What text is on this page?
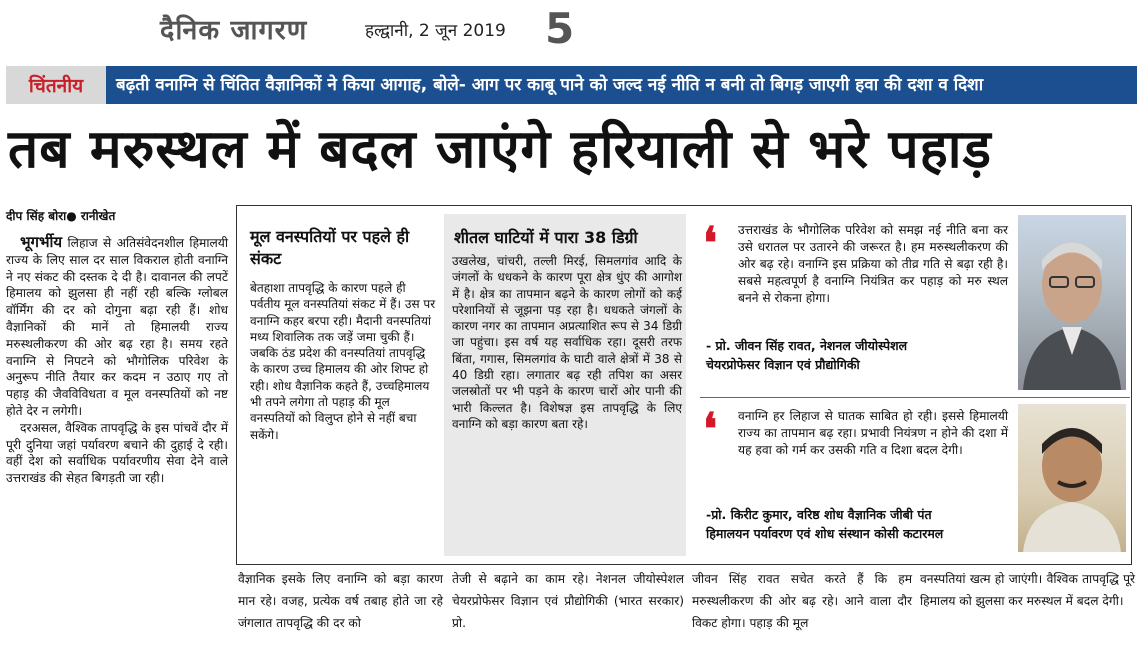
दैनिक जागरण	हल्द्वानी, 2 जून 2019 5
चिंतनीय	बढ़ती वनाग्नि से चिंतित वैज्ञानिकों ने किया आगाह, बोले- आग पर काबू पाने को जल्द नई नीति न बनी तो बिगड़ जाएगी हवा की दशा व दिशा
तब मरुस्थल में बदल जाएंगे हरियाली से भरे पहाड़
दीप सिंह बोरा● रानीखेत

भूगर्भीय लिहाज से अतिसंवेदनशील हिमालयी राज्य के लिए साल दर साल विकराल होती वनाग्नि ने नए संकट की दस्तक दे दी है। दावानल की लपटें हिमालय को झुलसा ही नहीं रही बल्कि ग्लोबल वॉर्मिंग की दर को दोगुना बढ़ा रही हैं। शोध वैज्ञानिकों की मानें तो हिमालयी राज्य मरुस्थलीकरण की ओर बढ़ रहा है। समय रहते वनाग्नि से निपटने को भौगोलिक परिवेश के अनुरूप नीति तैयार कर कदम न उठाए गए तो पहाड़ की जैवविविधता व मूल वनस्पतियों को नष्ट होते देर न लगेगी।

दरअसल, वैश्विक तापवृद्धि के इस पांचवें दौर में पूरी दुनिया जहां पर्यावरण बचाने की दुहाई दे रही। वहीं देश को सर्वाधिक पर्यावरणीय सेवा देने वाले उत्तराखंड की सेहत बिगड़ती जा रही।

मूल वनस्पतियों पर पहले ही संकट
बेतहाशा तापवृद्धि के कारण पहले ही पर्वतीय मूल वनस्पतियां संकट में हैं। उस पर वनाग्नि कहर बरपा रही। मैदानी वनस्पतियां मध्य शिवालिक तक जड़ें जमा चुकी हैं। जबकि ठंड प्रदेश की वनस्पतियां तापवृद्धि के कारण उच्च हिमालय की ओर शिफ्ट हो रही। शोध वैज्ञानिक कहते हैं, उच्चहिमालय भी तपने लगेगा तो पहाड़ की मूल वनस्पतियों को विलुप्त होने से नहीं बचा सकेंगे।
शीतल घाटियों में पारा 38 डिग्री
उखलेख, चांचरी, तल्ली मिरई, सिमलगांव आदि के जंगलों के धधकने के कारण पूरा क्षेत्र धुंए की आगोश में है। क्षेत्र का तापमान बढ़ने के कारण लोगों को कई परेशानियों से जूझना पड़ रहा है। धधकते जंगलों के कारण नगर का तापमान अप्रत्याशित रूप से 34 डिग्री जा पहुंचा। इस वर्ष यह सर्वाधिक रहा। दूसरी तरफ बिंता, गगास, सिमलगांव के घाटी वाले क्षेत्रों में 38 से 40 डिग्री रहा। लगातार बढ़ रही तपिश का असर जलस्रोतों पर भी पड़ने के कारण चारों ओर पानी की भारी किल्लत है। विशेषज्ञ इस तापवृद्धि के लिए वनाग्नि को बड़ा कारण बता रहे।
❛ उत्तराखंड के भौगोलिक परिवेश को समझ नई नीति बना कर उसे धरातल पर उतारने की जरूरत है। हम मरुस्थलीकरण की ओर बढ़ रहे। वनाग्नि इस प्रक्रिया को तीव्र गति से बढ़ा रही है। सबसे महत्वपूर्ण है वनाग्नि नियंत्रित कर पहाड़ को मरु स्थल बनने से रोकना होगा।
- प्रो. जीवन सिंह रावत, नेशनल जीयोस्पेशल
चेयरप्रोफेसर विज्ञान एवं प्रौद्योगिकी
❛ वनाग्नि हर लिहाज से घातक साबित हो रही। इससे हिमालयी राज्य का तापमान बढ़ रहा। प्रभावी नियंत्रण न होने की दशा में यह हवा को गर्म कर उसकी गति व दिशा बदल देगी।
-प्रो. किरीट कुमार, वरिष्ठ शोध वैज्ञानिक जीबी पंत
हिमालयन पर्यावरण एवं शोध संस्थान कोसी कटारमल
वैज्ञानिक इसके लिए वनाग्नि को बड़ा कारण मान रहे। वजह, प्रत्येक वर्ष तबाह होते जा रहे जंगलात तापवृद्धि की दर को
तेजी से बढ़ाने का काम रहे। नेशनल जीयोस्पेशल चेयरप्रोफेसर विज्ञान एवं प्रौद्योगिकी (भारत सरकार) प्रो.
जीवन सिंह रावत सचेत करते हैं कि हम मरुस्थलीकरण की ओर बढ़ रहे। आने वाला दौर विकट होगा। पहाड़ की मूल
वनस्पतियां खत्म हो जाएंगी। वैश्विक तापवृद्धि पूरे हिमालय को झुलसा कर मरुस्थल में बदल देगी।
